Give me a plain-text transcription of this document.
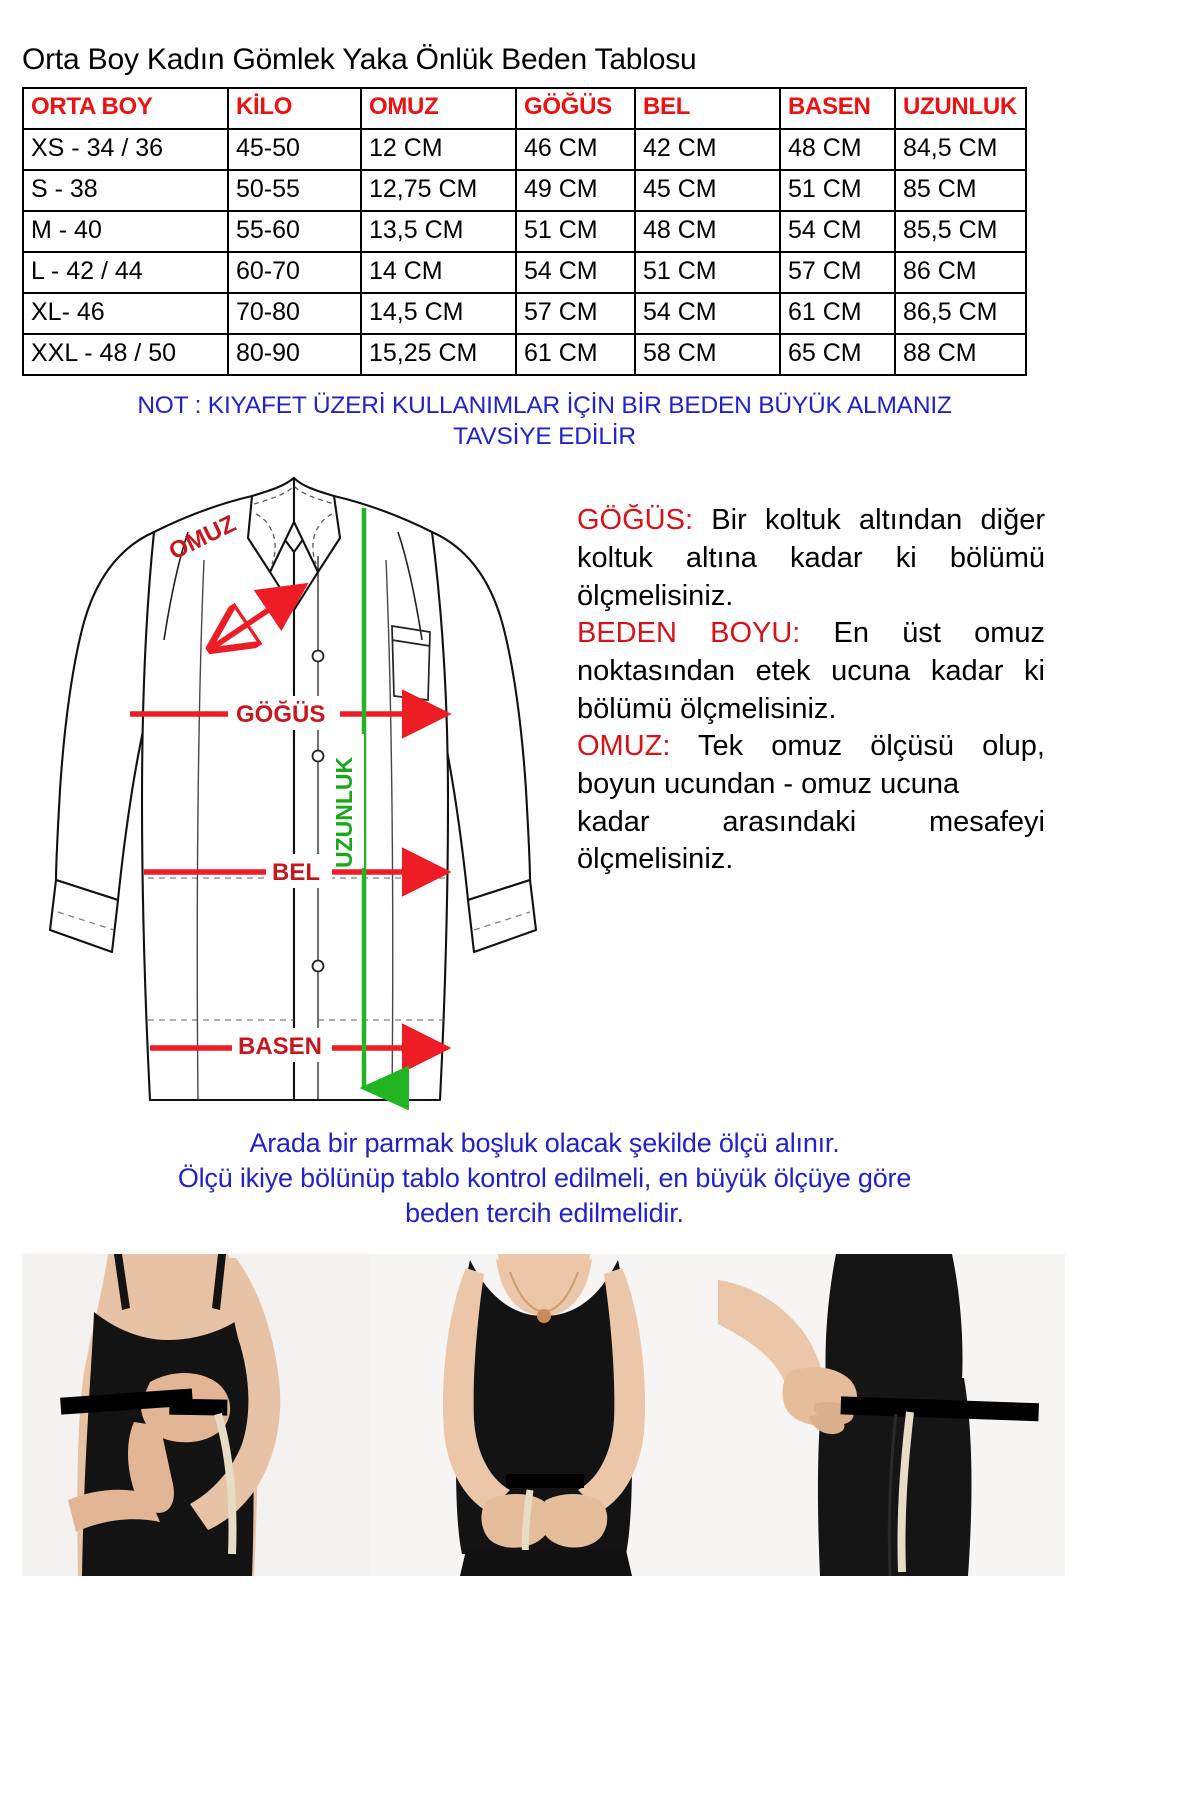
Orta Boy Kadın Gömlek Yaka Önlük Beden Tablosu
ORTA BOY	KİLO	OMUZ	GÖĞÜS	BEL	BASEN	UZUNLUK
XS - 34 / 36	45-50	12 CM	46 CM	42 CM	48 CM	84,5 CM
S - 38	50-55	12,75 CM	49 CM	45 CM	51 CM	85 CM
M - 40	55-60	13,5 CM	51 CM	48 CM	54 CM	85,5 CM
L - 42 / 44	60-70	14 CM	54 CM	51 CM	57 CM	86 CM
XL- 46	70-80	14,5 CM	57 CM	54 CM	61 CM	86,5 CM
XXL - 48 / 50	80-90	15,25 CM	61 CM	58 CM	65 CM	88 CM
NOT : KIYAFET ÜZERİ KULLANIMLAR İÇİN BİR BEDEN BÜYÜK ALMANIZ
TAVSİYE EDİLİR
OMUZ
GÖĞÜS
BEL
BASEN
UZUNLUK

GÖĞÜS: Bir koltuk altından diğer koltuk altına kadar ki bölümü ölçmelisiniz.

BEDEN BOYU: En üst omuz noktasından etek ucuna kadar ki bölümü ölçmelisiniz.

OMUZ: Tek omuz ölçüsü olup, boyun ucundan - omuz ucuna

kadar arasındaki mesafeyi ölçmelisiniz.

Arada bir parmak boşluk olacak şekilde ölçü alınır.
Ölçü ikiye bölünüp tablo kontrol edilmeli, en büyük ölçüye göre
beden tercih edilmelidir.
